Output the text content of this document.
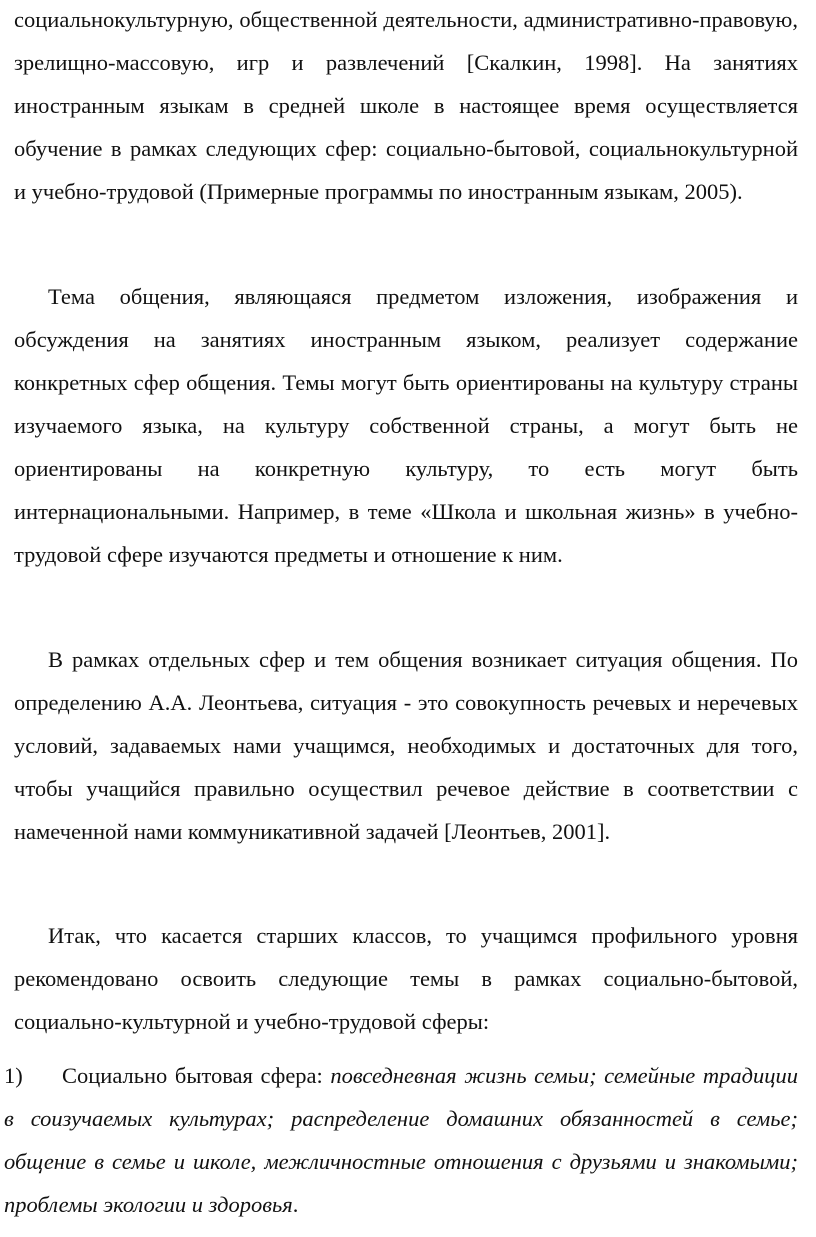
социальнокультурную, общественной деятельности, административно-правовую, зрелищно-массовую, игр и развлечений [Скалкин, 1998]. На занятиях иностранным языкам в средней школе в настоящее время осуществляется обучение в рамках следующих сфер: социально-бытовой, социальнокультурной и учебно-трудовой (Примерные программы по иностранным языкам, 2005).

Тема общения, являющаяся предметом изложения, изображения и обсуждения на занятиях иностранным языком, реализует содержание конкретных сфер общения. Темы могут быть ориентированы на культуру страны изучаемого языка, на культуру собственной страны, а могут быть не ориентированы на конкретную культуру, то есть могут быть интернациональными. Например, в теме «Школа и школьная жизнь» в учебно-трудовой сфере изучаются предметы и отношение к ним.

В рамках отдельных сфер и тем общения возникает ситуация общения. По определению А.А. Леонтьева, ситуация - это совокупность речевых и неречевых условий, задаваемых нами учащимся, необходимых и достаточных для того, чтобы учащийся правильно осуществил речевое действие в соответствии с намеченной нами коммуникативной задачей [Леонтьев, 2001].

Итак, что касается старших классов, то учащимся профильного уровня рекомендовано освоить следующие темы в рамках социально-бытовой, социально-культурной и учебно-трудовой сферы:

1) Социально бытовая сфера: повседневная жизнь семьи; семейные традиции в соизучаемых культурах; распределение домашних обязанностей в семье; общение в семье и школе, межличностные отношения с друзьями и знакомыми; проблемы экологии и здоровья.
